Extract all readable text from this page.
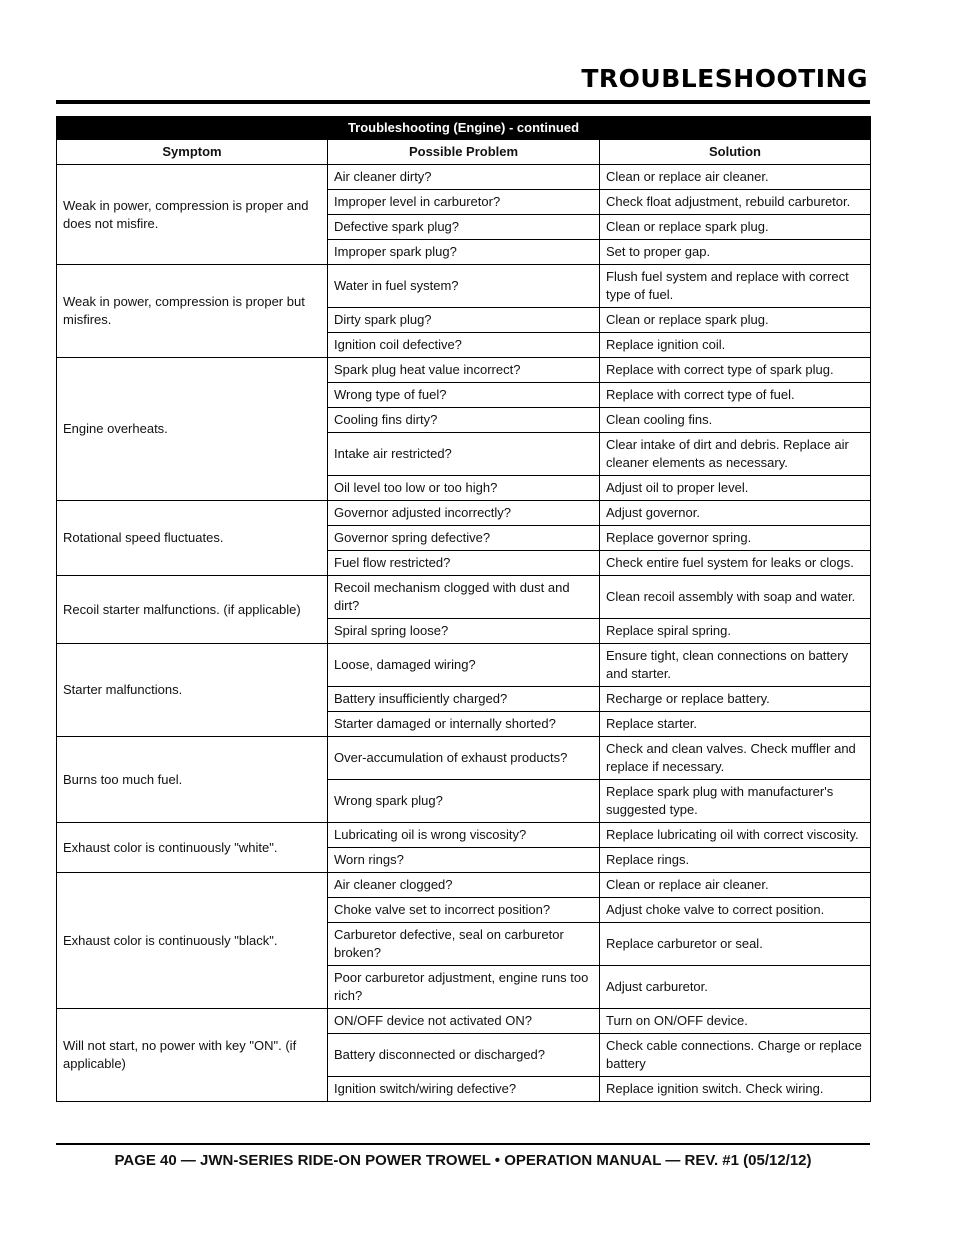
TROUBLESHOOTING
Troubleshooting (Engine) - continued		
Symptom	Possible Problem	Solution
Weak in power, compression is proper and does not misfire.	Air cleaner dirty?	Clean or replace air cleaner.
	Improper level in carburetor?	Check float adjustment, rebuild carburetor.
	Defective spark plug?	Clean or replace spark plug.
	Improper spark plug?	Set to proper gap.
Weak in power, compression is proper but misfires.	Water in fuel system?	Flush fuel system and replace with correct type of fuel.
	Dirty spark plug?	Clean or replace spark plug.
	Ignition coil defective?	Replace ignition coil.
Engine overheats.	Spark plug heat value incorrect?	Replace with correct type of spark plug.
	Wrong type of fuel?	Replace with correct type of fuel.
	Cooling fins dirty?	Clean cooling fins.
	Intake air restricted?	Clear intake of dirt and debris. Replace air cleaner elements as necessary.
	Oil level too low or too high?	Adjust oil to proper level.
Rotational speed fluctuates.	Governor adjusted incorrectly?	Adjust governor.
	Governor spring defective?	Replace governor spring.
	Fuel flow restricted?	Check entire fuel system for leaks or clogs.
Recoil starter malfunctions. (if applicable)	Recoil mechanism clogged with dust and dirt?	Clean recoil assembly with soap and water.
	Spiral spring loose?	Replace spiral spring.
Starter malfunctions.	Loose, damaged wiring?	Ensure tight, clean connections on battery and starter.
	Battery insufficiently charged?	Recharge or replace battery.
	Starter damaged or internally shorted?	Replace starter.
Burns too much fuel.	Over-accumulation of exhaust products?	Check and clean valves. Check muffler and replace if necessary.
	Wrong spark plug?	Replace spark plug with manufacturer's suggested type.
Exhaust color is continuously "white".	Lubricating oil is wrong viscosity?	Replace lubricating oil with correct viscosity.
	Worn rings?	Replace rings.
Exhaust color is continuously "black".	Air cleaner clogged?	Clean or replace air cleaner.
	Choke valve set to incorrect position?	Adjust choke valve to correct position.
	Carburetor defective, seal on carburetor broken?	Replace carburetor or seal.
	Poor carburetor adjustment, engine runs too rich?	Adjust carburetor.
Will not start, no power with key "ON". (if applicable)	ON/OFF device not activated ON?	Turn on ON/OFF device.
	Battery disconnected or discharged?	Check cable connections. Charge or replace battery
	Ignition switch/wiring defective?	Replace ignition switch. Check wiring.

PAGE 40 — JWN-SERIES RIDE-ON POWER TROWEL • OPERATION MANUAL — REV. #1 (05/12/12)
